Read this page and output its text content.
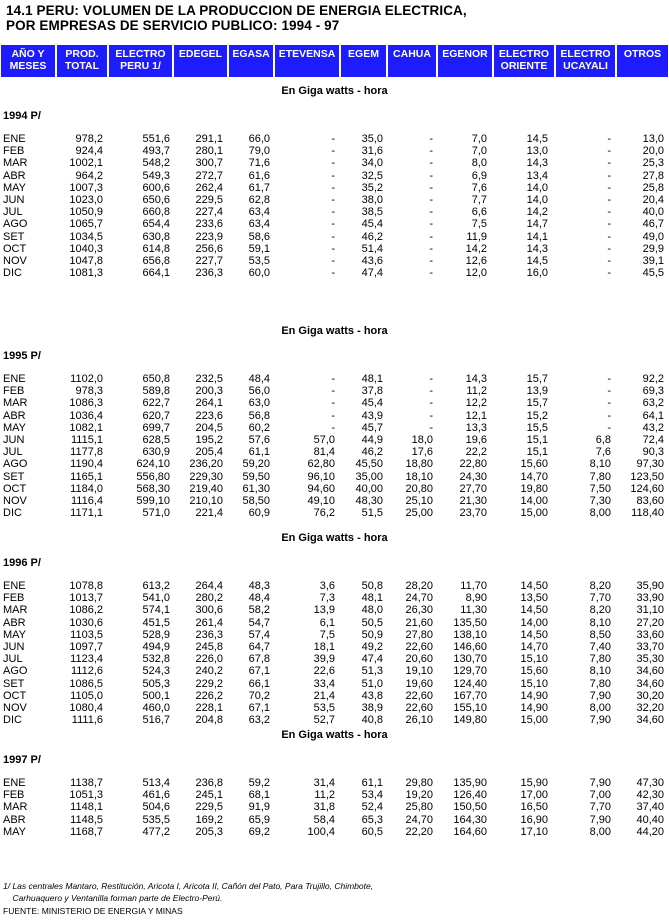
14.1 PERU: VOLUMEN DE LA PRODUCCION DE ENERGIA ELECTRICA,
POR EMPRESAS DE SERVICIO PUBLICO: 1994 - 97
AÑO Y
MESES
PROD.
TOTAL
ELECTRO
PERU 1/
EDEGEL EGASA ETEVENSA	EGEM	CAHUA	EGENOR	ELECTRO
ORIENTE
ELECTRO
UCAYALI
OTROS
En Giga watts - hora
1994 P/
ENE	978,2	551,6 291,1 66,0	- 35,0	-	7,0	14,5	-	13,0
FEB	924,4	493,7 280,1 79,0	- 31,6	-	7,0	13,0	-	20,0
MAR	1002,1	548,2 300,7 71,6	- 34,0	-	8,0	14,3	-	25,3
ABR	964,2	549,3 272,7 61,6	- 32,5	-	6,9	13,4	-	27,8
MAY	1007,3	600,6 262,4 61,7	- 35,2	-	7,6	14,0	-	25,8
JUN	1023,0	650,6 229,5 62,8	- 38,0	-	7,7	14,0	-	20,4
JUL	1050,9	660,8 227,4 63,4	- 38,5	-	6,6	14,2	-	40,0
AGO	1065,7	654,4 233,6 63,4	- 45,4	-	7,5	14,7	-	46,7
SET	1034,5	630,8 223,9 58,6	- 46,2	-	11,9	14,1	-	49,0
OCT	1040,3	614,8 256,6 59,1	- 51,4	-	14,2	14,3	-	29,9
NOV	1047,8	656,8 227,7 53,5	- 43,6	-	12,6	14,5	-	39,1
DIC	1081,3	664,1 236,3 60,0	- 47,4	-	12,0	16,0	-	45,5
En Giga watts - hora
1995 P/
ENE	1102,0	650,8 232,5 48,4	- 48,1	-	14,3	15,7	-	92,2
FEB	978,3	589,8 200,3 56,0	- 37,8	-	11,2	13,9	-	69,3
MAR	1086,3	622,7 264,1 63,0	- 45,4	-	12,2	15,7	-	63,2
ABR	1036,4	620,7 223,6 56,8	- 43,9	-	12,1	15,2	-	64,1
MAY	1082,1	699,7 204,5 60,2	- 45,7	-	13,3	15,5	-	43,2
JUN	1115,1	628,5 195,2 57,6	57,0 44,9	18,0	19,6	15,1	6,8	72,4
JUL	1177,8	630,9 205,4 61,1	81,4 46,2	17,6	22,2	15,1	7,6	90,3
AGO	1190,4	624,10 236,20 59,20	62,80 45,50 18,80 22,80	15,60	8,10 97,30
SET	1165,1	556,80 229,30 59,50	96,10 35,00 18,10 24,30	14,70	7,80 123,50
OCT	1184,0	568,30 219,40 61,30	94,60 40,00 20,80 27,70	19,80	7,50 124,60
NOV	1116,4	599,10 210,10 58,50	49,10 48,30 25,10 21,30	14,00	7,30 83,60
DIC	1171,1	571,0 221,4 60,9	76,2 51,5 25,00 23,70	15,00	8,00 118,40
En Giga watts - hora
1996 P/
ENE	1078,8	613,2 264,4 48,3	3,6 50,8 28,20 11,70	14,50	8,20 35,90
FEB	1013,7	541,0 280,2 48,4	7,3 48,1 24,70	8,90	13,50	7,70 33,90
MAR	1086,2	574,1 300,6 58,2	13,9 48,0 26,30 11,30	14,50	8,20 31,10
ABR	1030,6	451,5 261,4 54,7	6,1 50,5 21,60 135,50	14,00	8,10 27,20
MAY	1103,5	528,9 236,3 57,4	7,5 50,9 27,80 138,10	14,50	8,50 33,60
JUN	1097,7	494,9 245,8 64,7	18,1 49,2 22,60 146,60	14,70	7,40 33,70
JUL	1123,4	532,8 226,0 67,8	39,9 47,4 20,60 130,70	15,10	7,80 35,30
AGO	1112,6	524,3 240,2 67,1	22,6 51,3 19,10 129,70	15,60	8,10 34,60
SET	1086,5	505,3 229,2 66,1	33,4 51,0 19,60 124,40	15,10	7,80 34,60
OCT	1105,0	500,1 226,2 70,2	21,4 43,8 22,60 167,70	14,90	7,90 30,20
NOV	1080,4	460,0 228,1 67,1	53,5 38,9 22,60 155,10	14,90	8,00 32,20
DIC	1111,6	516,7 204,8 63,2	52,7 40,8 26,10 149,80	15,00	7,90 34,60
En Giga watts - hora
1997 P/
ENE	1138,7	513,4 236,8 59,2	31,4 61,1 29,80 135,90	15,90	7,90 47,30
FEB	1051,3	461,6 245,1 68,1	11,2 53,4 19,20 126,40	17,00	7,00 42,30
MAR	1148,1	504,6 229,5 91,9	31,8 52,4 25,80 150,50	16,50	7,70 37,40
ABR	1148,5	535,5 169,2 65,9	58,4 65,3 24,70 164,30	16,90	7,90 40,40
MAY	1168,7	477,2 205,3 69,2	100,4 60,5 22,20 164,60	17,10	8,00 44,20
1/ Las centrales Mantaro, Restitución, Aricota I, Aricota II, Cañón del Pato, Para Trujillo, Chimbote,
Carhuaquero y Ventanilla forman parte de Electro-Perú.
FUENTE: MINISTERIO DE ENERGIA Y MINAS
